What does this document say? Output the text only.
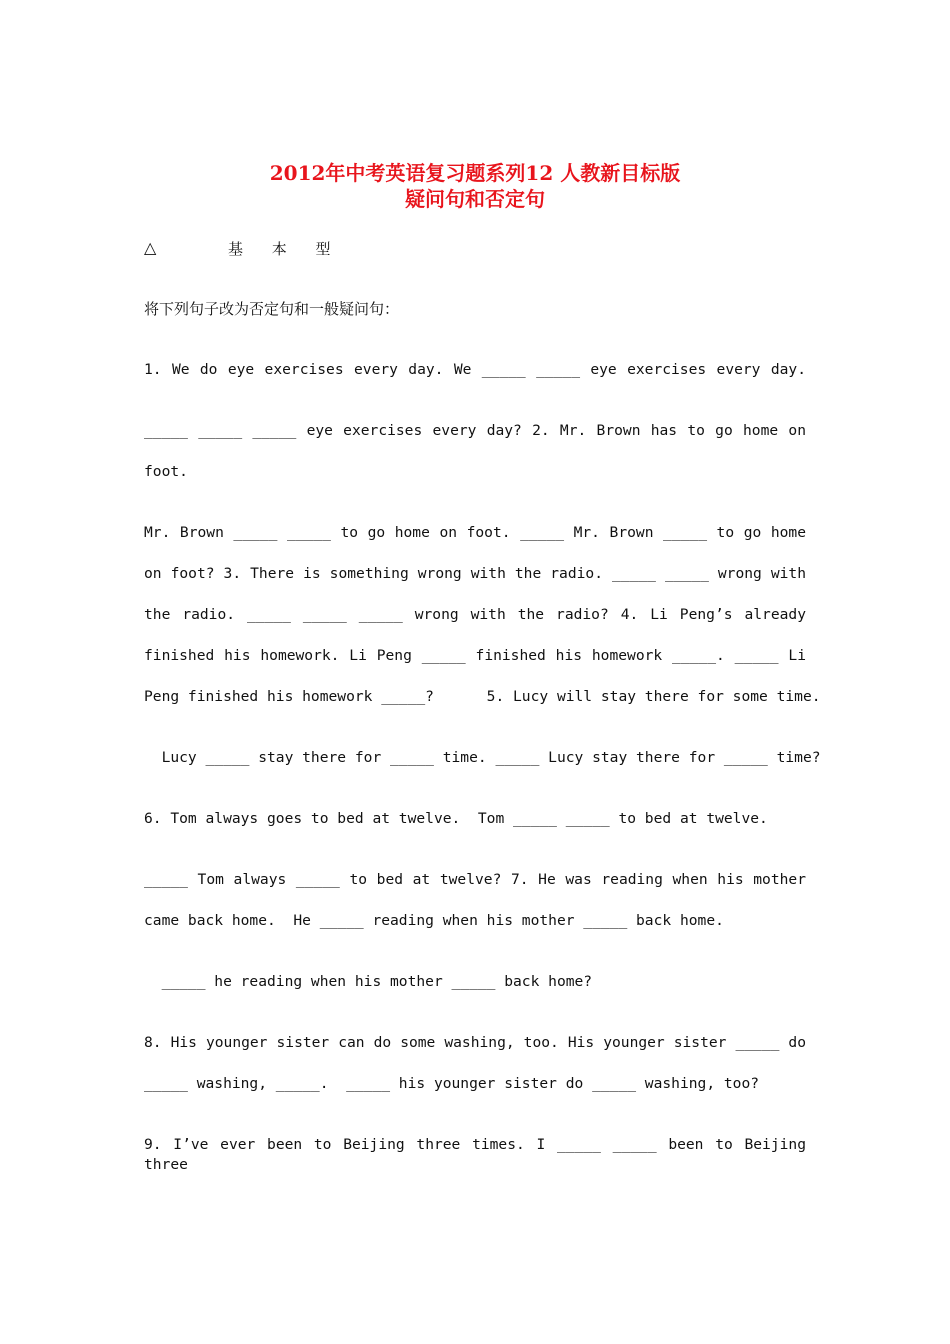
2012年中考英语复习题系列12 人教新目标版
疑问句和否定句
△	基 本 型
将下列句子改为否定句和一般疑问句：
1. We do eye exercises every day. We _____ _____ eye exercises every day.
_____ _____ _____ eye exercises every day? 2. Mr. Brown has to go home on
foot.
Mr. Brown _____ _____ to go home on foot. _____ Mr. Brown _____ to go home
on foot? 3. There is something wrong with the radio. _____ _____ wrong with
the radio. _____ _____ _____ wrong with the radio? 4. Li Peng’s already
finished his homework. Li Peng _____ finished his homework _____. _____ Li
Peng finished his homework _____?      5. Lucy will stay there for some time.
Lucy _____ stay there for _____ time. _____ Lucy stay there for _____ time?
6. Tom always goes to bed at twelve.  Tom _____ _____ to bed at twelve.
_____ Tom always _____ to bed at twelve? 7. He was reading when his mother
came back home.  He _____ reading when his mother _____ back home.
_____ he reading when his mother _____ back home?
8. His younger sister can do some washing, too. His younger sister _____ do
_____ washing, _____.  _____ his younger sister do _____ washing, too?
9. I’ve ever been to Beijing three times. I _____ _____ been to Beijing three
